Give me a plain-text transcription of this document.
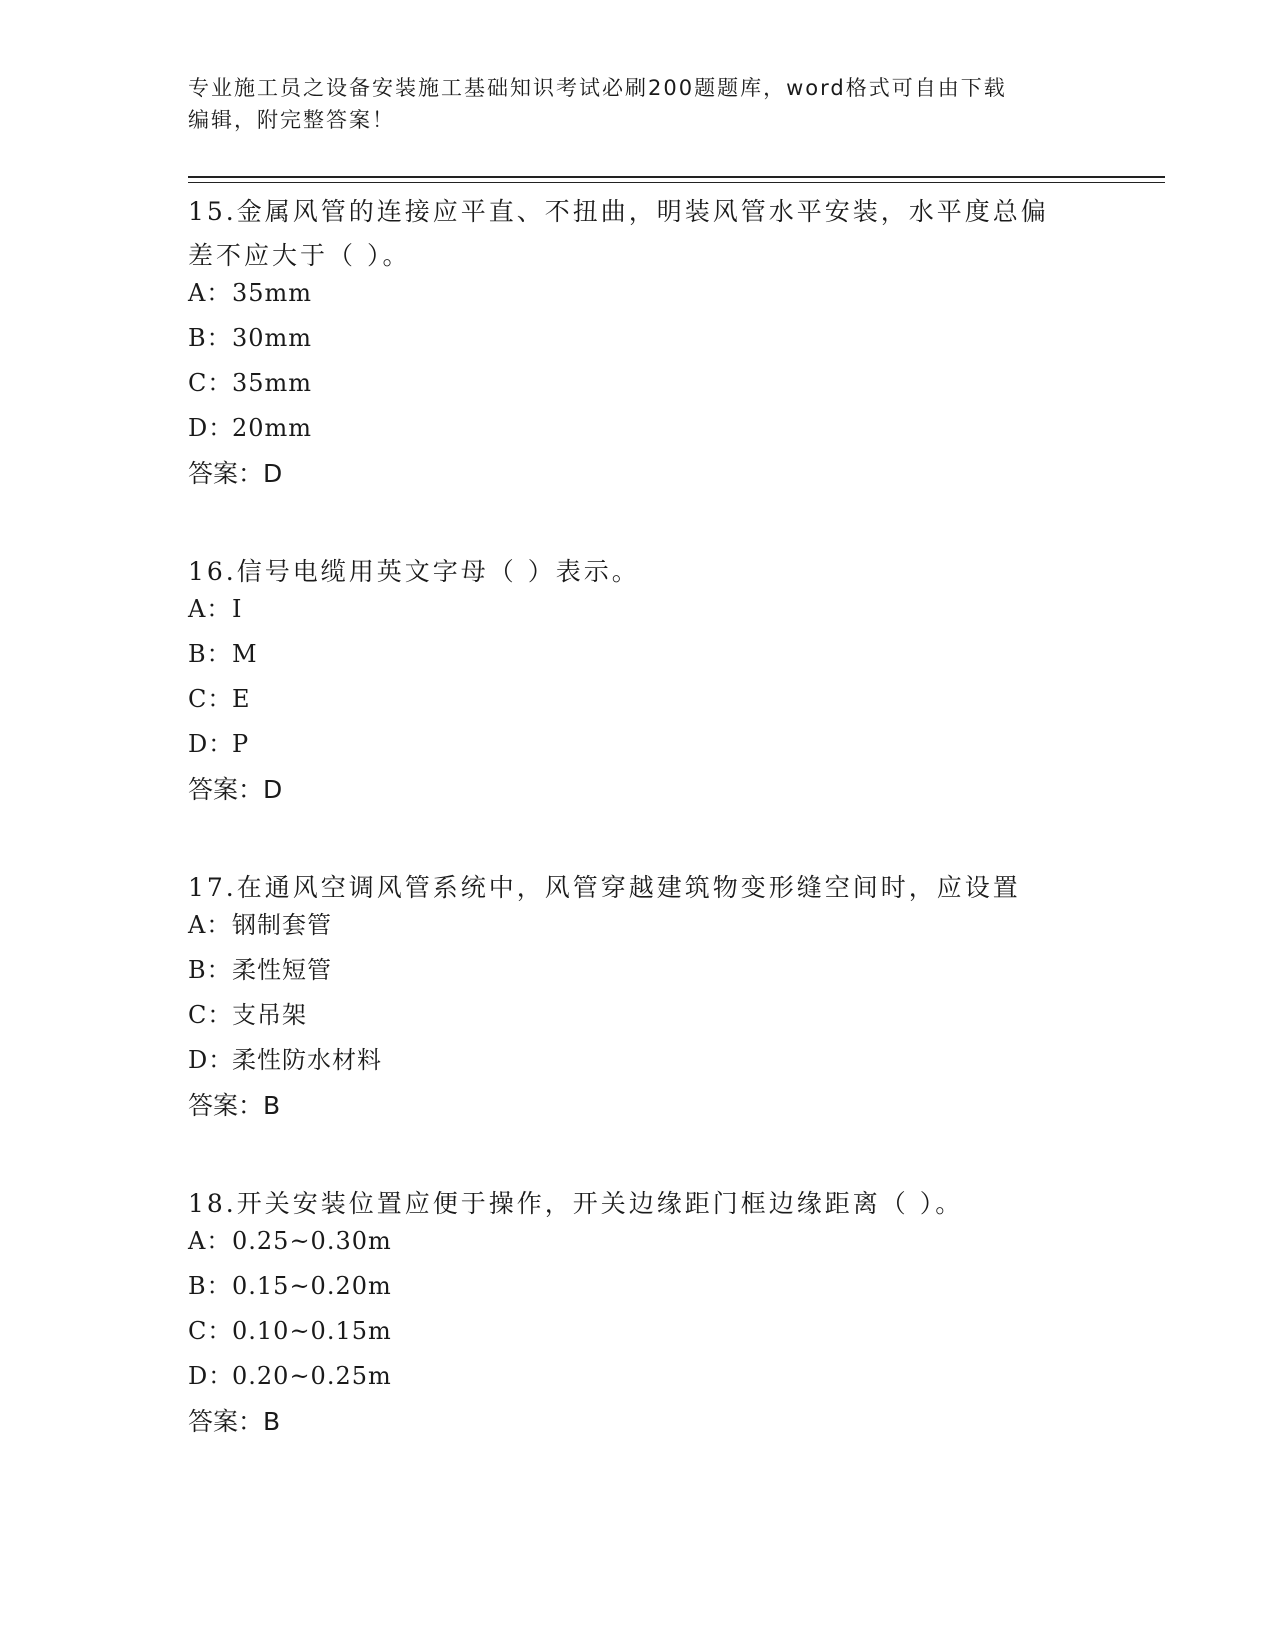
专业施工员之设备安装施工基础知识考试必刷200题题库，word格式可自由下载
编辑，附完整答案！
15.金属风管的连接应平直、不扭曲，明装风管水平安装，水平度总偏
差不应大于（ ）。
A：35mm
B：30mm
C：35mm
D：20mm
答案：D
16.信号电缆用英文字母（ ）表示。
A：I
B：M
C：E
D：P
答案：D
17.在通风空调风管系统中，风管穿越建筑物变形缝空间时，应设置
A：钢制套管
B：柔性短管
C：支吊架
D：柔性防水材料
答案：B
18.开关安装位置应便于操作，开关边缘距门框边缘距离（ ）。
A：0.25~0.30m
B：0.15~0.20m
C：0.10~0.15m
D：0.20~0.25m
答案：B
